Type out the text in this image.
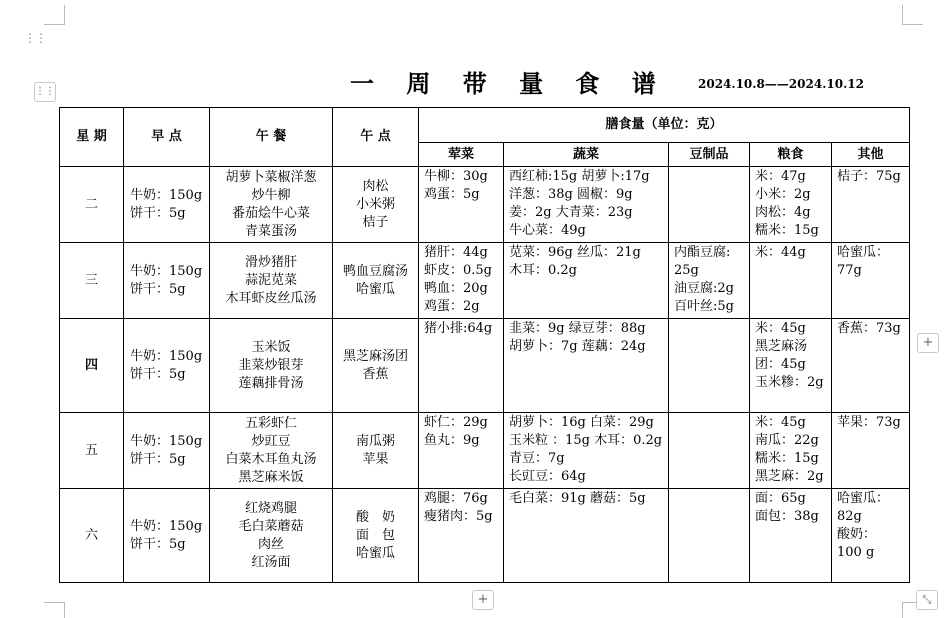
⋮⋮
⋮⋮
+
+	⤡
一 周 带 量 食 谱	2024.10.8——2024.10.12
星 期	早 点	午 餐	午 点	膳食量（单位：克）				
				荤菜	蔬菜	豆制品	粮食	其他
二	牛奶：150g
饼干：5g	胡萝卜菜椒洋葱
炒牛柳
番茄烩牛心菜
青菜蛋汤	肉松
小米粥
桔子	牛柳：30g
鸡蛋：5g	西红柿:15g 胡萝卜:17g
洋葱：38g 圆椒：9g
姜：2g 大青菜：23g
牛心菜：49g		米：47g
小米：2g
肉松：4g
糯米：15g	桔子：75g

三	牛奶：150g
饼干：5g	滑炒猪肝
蒜泥苋菜
木耳虾皮丝瓜汤	鸭血豆腐汤
哈蜜瓜	猪肝：44g
虾皮：0.5g
鸭血：20g
鸡蛋：2g	苋菜：96g 丝瓜：21g
木耳：0.2g	内酯豆腐:
25g
油豆腐:2g
百叶丝:5g	米：44g	哈蜜瓜：
77g

四	牛奶：150g
饼干：5g	玉米饭
韭菜炒银芽
莲藕排骨汤	黑芝麻汤团
香蕉	猪小排:64g	韭菜：9g 绿豆芽：88g
胡萝卜：7g 莲藕：24g		米：45g
黑芝麻汤
团：45g
玉米糁：2g	香蕉：73g

五	牛奶：150g
饼干：5g	五彩虾仁
炒豇豆
白菜木耳鱼丸汤
黑芝麻米饭	南瓜粥
苹果	虾仁：29g
鱼丸：9g	胡萝卜：16g 白菜：29g
玉米粒 ：15g 木耳：0.2g
青豆：7g
长豇豆：64g		米：45g
南瓜：22g
糯米：15g
黑芝麻：2g	苹果：73g

六	牛奶：150g
饼干：5g	红烧鸡腿
毛白菜蘑菇
肉丝
红汤面	酸　奶
面　包
哈蜜瓜	鸡腿：76g
瘦猪肉：5g	毛白菜：91g 蘑菇：5g		面：65g
面包：38g	哈蜜瓜：
82g
酸奶：
100 g
